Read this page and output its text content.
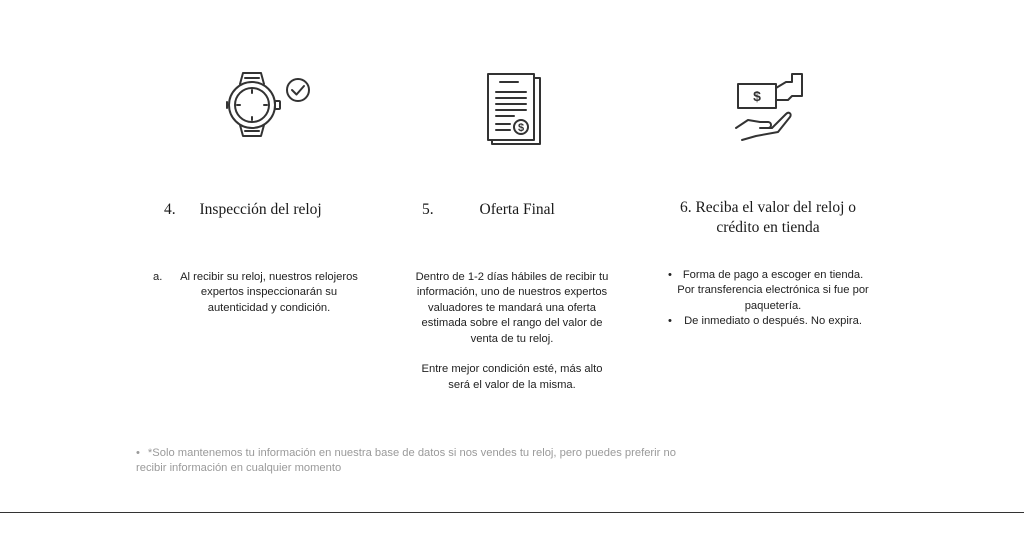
$
$
4. Inspección del reloj	5.	Oferta Final	6. Reciba el valor del reloj o crédito en tienda
a.	Al recibir su reloj, nuestros relojeros expertos inspeccionarán su autenticidad y condición.

Dentro de 1-2 días hábiles de recibir tu información, uno de nuestros expertos valuadores te mandará una oferta estimada sobre el rango del valor de venta de tu reloj.

Entre mejor condición esté, más alto será el valor de la misma.

• Forma de pago a escoger en tienda. Por transferencia electrónica si fue por paquetería.
•	De inmediato o después. No expira.
• *Solo mantenemos tu información en nuestra base de datos si nos vendes tu reloj, pero puedes preferir no recibir información en cualquier momento
